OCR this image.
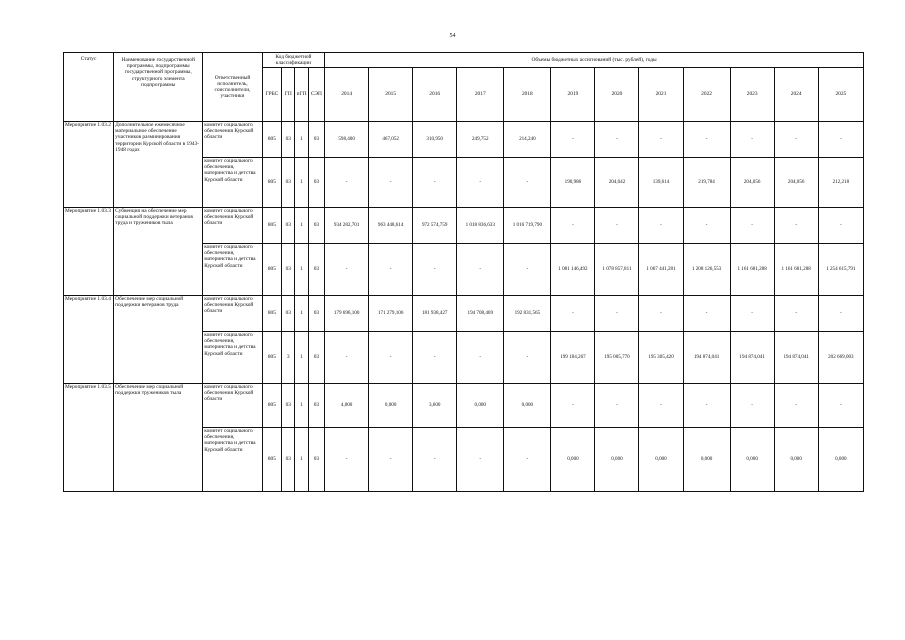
54
Статус	Наименование государственной программы, подпрограммы государственной программы, структурного элемента подпрограммы	Ответственный исполнитель, соисполнители, участники	Код бюджетной классификации				Объемы бюджетных ассигнований (тыс. рублей), годы											
			ГРБС	ГП	пГП	СЭП	2014	2015	2016	2017	2018	2019	2020	2021	2022	2023	2024	2025
Мероприятие 1.03.2	Дополнительное ежемесячное материальное обеспечение участников разминирования территории Курской области в 1943-1948 годах	комитет социального обеспечения Курской области	805	03	1	03	598,400	467,052	310,950	249,752	214,240	-	-	-	-	-	-	-
		комитет социального обеспечения, материнства и детства Курской области	805	03	1	03	-	-	-	-	-	190,986	204,042	139,614	219,784	204,056	204,056	212,218
Мероприятие 1.03.3	Субвенция на обеспечение мер социальной поддержки ветеранов труда и тружеников тыла	комитет социального обеспечения Курской области	805	03	1	03	934 282,701	963 448,614	972 574,759	1 018 836,633	1 016 719,790	-	-	-	-	-	-	-
		комитет социального обеспечения, материнства и детства Курской области	805	03	1	03	-	-	-	-	-	1 081 146,492	1 078 857,811	1 067 441,281	1 208 126,553	1 161 681,288	1 161 681,288	1 254 615,791
Мероприятие 1.03.4	Обеспечение мер социальной поддержки ветеранов труда	комитет социального обеспечения Курской области	805	03	1	03	179 696,100	171 279,106	181 938,427	194 708,469	192 831,565	-	-	-	-	-	-	-
		комитет социального обеспечения, материнства и детства Курской области	805	3	1	03	-	-	-	-	-	199 184,267	195 005,770	195 305,420	194 874,041	194 874,041	194 874,041	202 669,003
Мероприятие 1.03.5	Обеспечение мер социальной поддержки тружеников тыла	комитет социального обеспечения Курской области	805	03	1	03	4,000	0,000	3,600	0,000	0,000	-	-	-	-	-	-	-
		комитет социального обеспечения, материнства и детства Курской области	805	03	1	03	-	-	-	-	-	0,000	0,000	0,000	0,000	0,000	0,000	0,000
